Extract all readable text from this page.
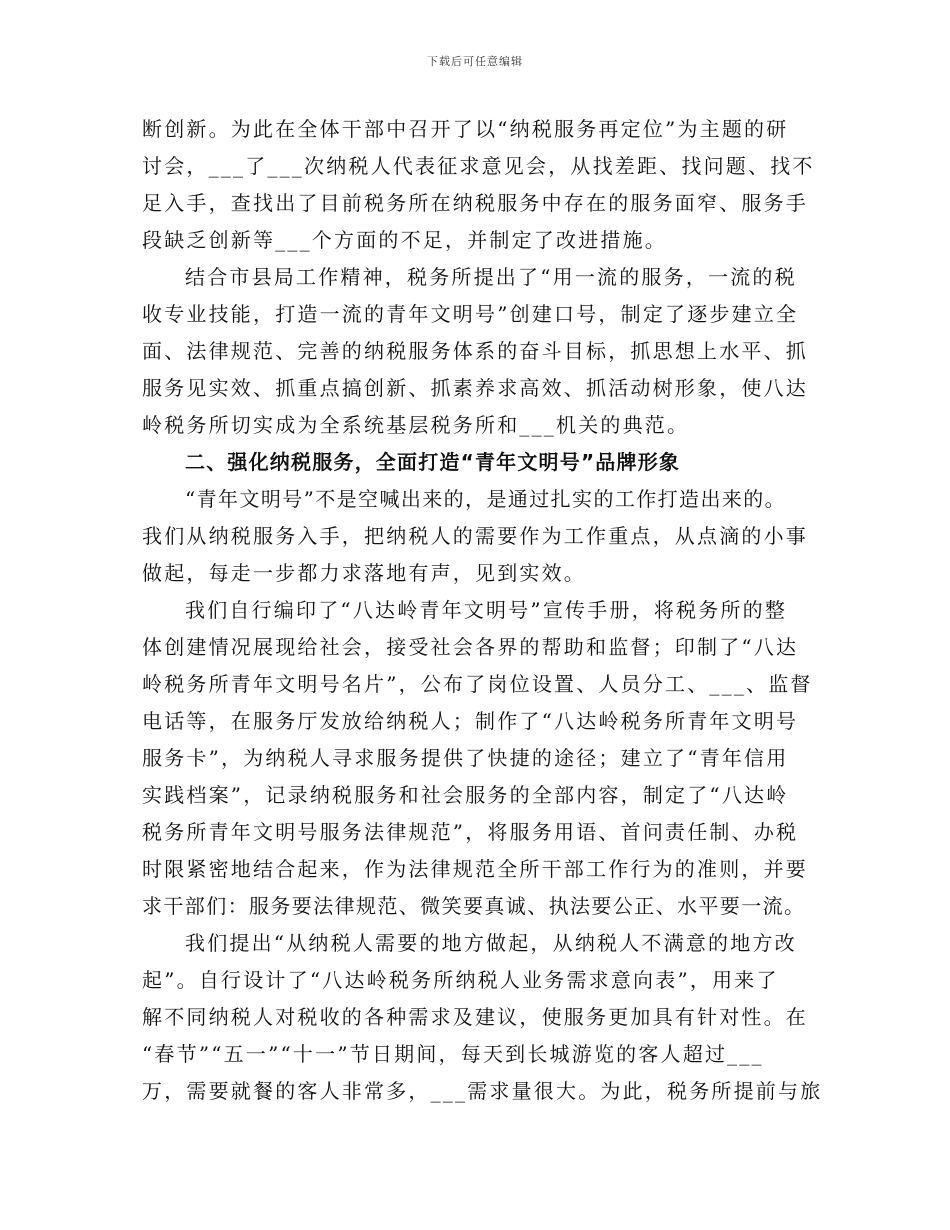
下载后可任意编辑
断创新。为此在全体干部中召开了以“纳税服务再定位”为主题的研
讨会，___了___次纳税人代表征求意见会，从找差距、找问题、找不
足入手，查找出了目前税务所在纳税服务中存在的服务面窄、服务手
段缺乏创新等___个方面的不足，并制定了改进措施。
结合市县局工作精神，税务所提出了“用一流的服务，一流的税
收专业技能，打造一流的青年文明号”创建口号，制定了逐步建立全
面、法律规范、完善的纳税服务体系的奋斗目标，抓思想上水平、抓
服务见实效、抓重点搞创新、抓素养求高效、抓活动树形象，使八达
岭税务所切实成为全系统基层税务所和___机关的典范。
二、强化纳税服务，全面打造“青年文明号”品牌形象
“青年文明号”不是空喊出来的，是通过扎实的工作打造出来的。
我们从纳税服务入手，把纳税人的需要作为工作重点，从点滴的小事
做起，每走一步都力求落地有声，见到实效。
我们自行编印了“八达岭青年文明号”宣传手册，将税务所的整
体创建情况展现给社会，接受社会各界的帮助和监督；印制了“八达
岭税务所青年文明号名片”，公布了岗位设置、人员分工、___、监督
电话等，在服务厅发放给纳税人；制作了“八达岭税务所青年文明号
服务卡”，为纳税人寻求服务提供了快捷的途径；建立了“青年信用
实践档案”，记录纳税服务和社会服务的全部内容，制定了“八达岭
税务所青年文明号服务法律规范”，将服务用语、首问责任制、办税
时限紧密地结合起来，作为法律规范全所干部工作行为的准则，并要
求干部们：服务要法律规范、微笑要真诚、执法要公正、水平要一流。
我们提出“从纳税人需要的地方做起，从纳税人不满意的地方改
起”。自行设计了“八达岭税务所纳税人业务需求意向表”，用来了
解不同纳税人对税收的各种需求及建议，使服务更加具有针对性。在
“春节”“五一”“十一”节日期间，每天到长城游览的客人超过___
万，需要就餐的客人非常多，___需求量很大。为此，税务所提前与旅
